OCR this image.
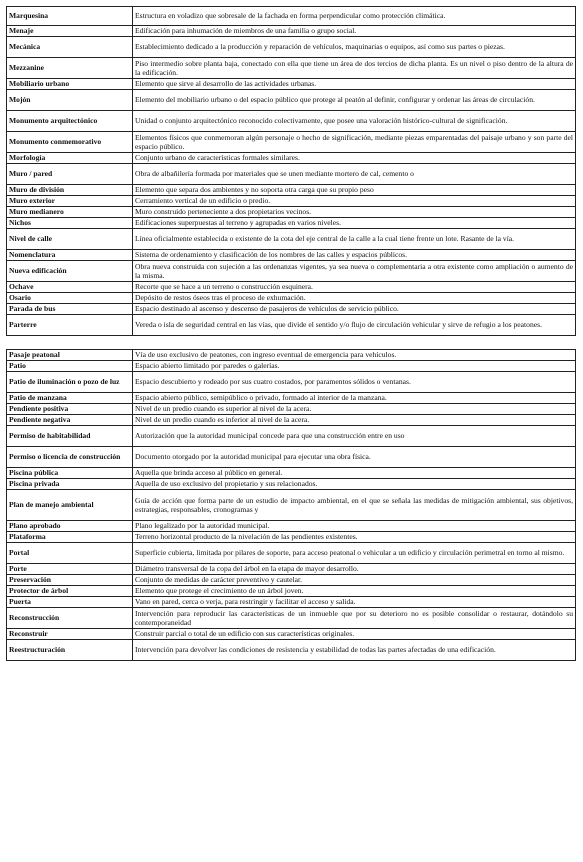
Marquesina	Estructura en voladizo que sobresale de la fachada en forma perpendicular como protección climática.
Menaje	Edificación para inhumación de miembros de una familia o grupo social.
Mecánica	Establecimiento dedicado a la producción y reparación de vehículos, maquinarias o equipos, así como sus partes o piezas.
Mezzanine	Piso intermedio sobre planta baja, conectado con ella que tiene un área de dos tercios de dicha planta. Es un nivel o piso dentro de la altura de la edificación.
Mobiliario urbano	Elemento que sirve al desarrollo de las actividades urbanas.
Mojón	Elemento del mobiliario urbano o del espacio público que protege al peatón al definir, configurar y ordenar las áreas de circulación.
Monumento arquitectónico	Unidad o conjunto arquitectónico reconocido colectivamente, que posee una valoración histórico-cultural de significación.
Monumento conmemorativo	Elementos físicos que conmemoran algún personaje o hecho de significación, mediante piezas emparentadas del paisaje urbano y son parte del espacio público.
Morfología	Conjunto urbano de características formales similares.
Muro / pared	Obra de albañilería formada por materiales que se unen mediante mortero de cal, cemento o
Muro de división	Elemento que separa dos ambientes y no soporta otra carga que su propio peso
Muro exterior	Cerramiento vertical de un edificio o predio.
Muro medianero	Muro construido perteneciente a dos propietarios vecinos.
Nichos	Edificaciones superpuestas al terreno y agrupadas en varios niveles.
Nivel de calle	Línea oficialmente establecida o existente de la cota del eje central de la calle a la cual tiene frente un lote. Rasante de la vía.
Nomenclatura	Sistema de ordenamiento y clasificación de los nombres de las calles y espacios públicos.
Nueva edificación	Obra nueva construida con sujeción a las ordenanzas vigentes, ya sea nueva o complementaria a otra existente como ampliación o aumento de la misma.
Ochave	Recorte que se hace a un terreno o construcción esquinera.
Osario	Depósito de restos óseos tras el proceso de exhumación.
Parada de bus	Espacio destinado al ascenso y descenso de pasajeros de vehículos de servicio público.
Parterre	Vereda o isla de seguridad central en las vías, que divide el sentido y/o flujo de circulación vehicular y sirve de refugio a los peatones.
Pasaje peatonal	Vía de uso exclusivo de peatones, con ingreso eventual de emergencia para vehículos.
Patio	Espacio abierto limitado por paredes o galerías.
Patio de iluminación o pozo de luz	Espacio descubierto y rodeado por sus cuatro costados, por paramentos sólidos o ventanas.
Patio de manzana	Espacio abierto público, semipúblico o privado, formado al interior de la manzana.
Pendiente positiva	Nivel de un predio cuando es superior al nivel de la acera.
Pendiente negativa	Nivel de un predio cuando es inferior al nivel de la acera.
Permiso de habitabilidad	Autorización que la autoridad municipal concede para que una construcción entre en uso
Permiso o licencia de construcción	Documento otorgado por la autoridad municipal para ejecutar una obra física.
Piscina pública	Aquella que brinda acceso al público en general.
Piscina privada	Aquella de uso exclusivo del propietario y sus relacionados.
Plan de manejo ambiental	Guía de acción que forma parte de un estudio de impacto ambiental, en el que se señala las medidas de mitigación ambiental, sus objetivos, estrategias, responsables, cronogramas y
Plano aprobado	Plano legalizado por la autoridad municipal.
Plataforma	Terreno horizontal producto de la nivelación de las pendientes existentes.
Portal	Superficie cubierta, limitada por pilares de soporte, para acceso peatonal o vehicular a un edificio y circulación perimetral en torno al mismo.
Porte	Diámetro transversal de la copa del árbol en la etapa de mayor desarrollo.
Preservación	Conjunto de medidas de carácter preventivo y cautelar.
Protector de árbol	Elemento que protege el crecimiento de un árbol joven.
Puerta	Vano en pared, cerca o verja, para restringir y facilitar el acceso y salida.
Reconstrucción	Intervención para reproducir las características de un inmueble que por su deterioro no es posible consolidar o restaurar, dotándolo su contemporaneidad
Reconstruir	Construir parcial o total de un edificio con sus características originales.
Reestructuración	Intervención para devolver las condiciones de resistencia y estabilidad de todas las partes afectadas de una edificación.
